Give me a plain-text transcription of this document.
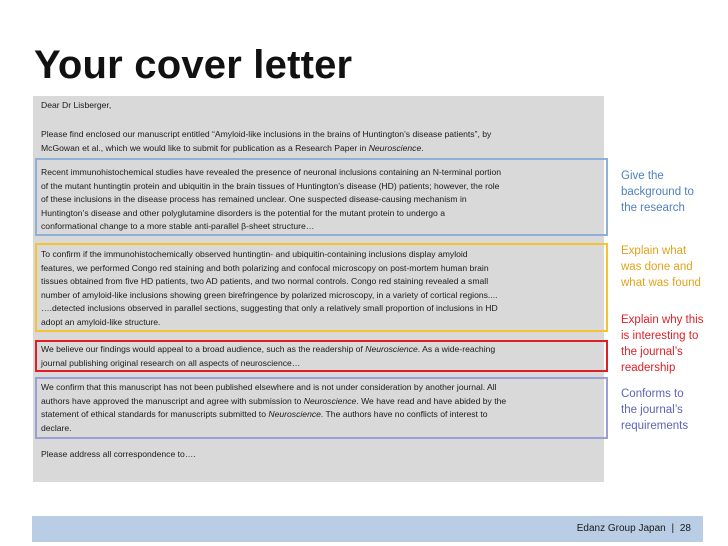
Your cover letter
Dear Dr Lisberger,
Please find enclosed our manuscript entitled “Amyloid-like inclusions in the brains of Huntington’s disease patients”, by
McGowan et al., which we would like to submit for publication as a Research Paper in Neuroscience.
Recent immunohistochemical studies have revealed the presence of neuronal inclusions containing an N-terminal portion
of the mutant huntingtin protein and ubiquitin in the brain tissues of Huntington’s disease (HD) patients; however, the role
of these inclusions in the disease process has remained unclear. One suspected disease-causing mechanism in
Huntington’s disease and other polyglutamine disorders is the potential for the mutant protein to undergo a
conformational change to a more stable anti-parallel β-sheet structure…
To confirm if the immunohistochemically observed huntingtin- and ubiquitin-containing inclusions display amyloid
features, we performed Congo red staining and both polarizing and confocal microscopy on post-mortem human brain
tissues obtained from five HD patients, two AD patients, and two normal controls. Congo red staining revealed a small
number of amyloid-like inclusions showing green birefringence by polarized microscopy, in a variety of cortical regions....
….detected inclusions observed in parallel sections, suggesting that only a relatively small proportion of inclusions in HD
adopt an amyloid-like structure.
We believe our findings would appeal to a broad audience, such as the readership of Neuroscience. As a wide-reaching
journal publishing original research on all aspects of neuroscience…
We confirm that this manuscript has not been published elsewhere and is not under consideration by another journal. All
authors have approved the manuscript and agree with submission to Neuroscience. We have read and have abided by the
statement of ethical standards for manuscripts submitted to Neuroscience. The authors have no conflicts of interest to
declare.
Please address all correspondence to….
Give the
background to
the research
Explain what
was done and
what was found
Explain why this
is interesting to
the journal’s
readership
Conforms to
the journal’s
requirements
Edanz Group Japan | 28
